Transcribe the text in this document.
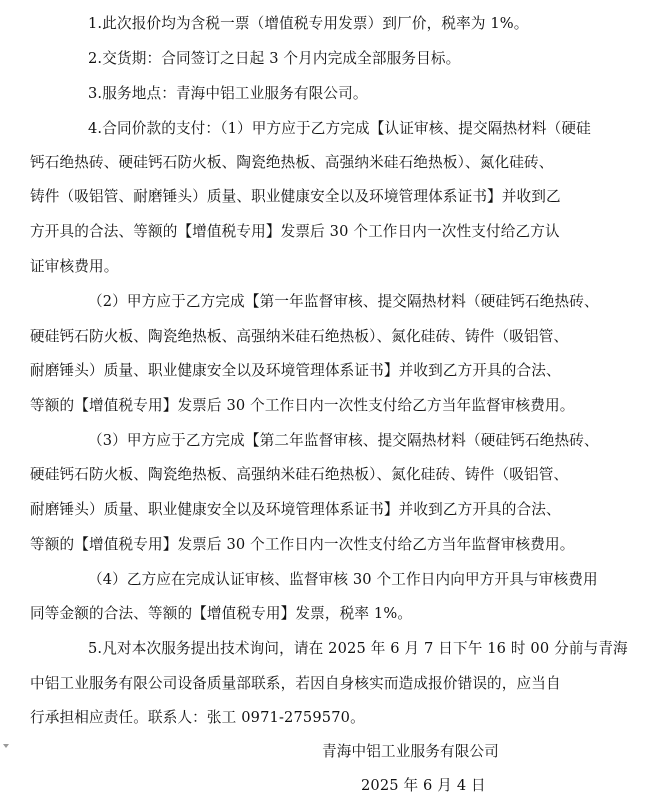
1.此次报价均为含税一票（增值税专用发票）到厂价，税率为 1%。
2.交货期：合同签订之日起 3 个月内完成全部服务目标。
3.服务地点：青海中铝工业服务有限公司。
4.合同价款的支付：（1）甲方应于乙方完成【认证审核、提交隔热材料（硬硅
钙石绝热砖、硬硅钙石防火板、陶瓷绝热板、高强纳米硅石绝热板）、氮化硅砖、
铸件（吸铝管、耐磨锤头）质量、职业健康安全以及环境管理体系证书】并收到乙
方开具的合法、等额的【增值税专用】发票后 30 个工作日内一次性支付给乙方认
证审核费用。
（2）甲方应于乙方完成【第一年监督审核、提交隔热材料（硬硅钙石绝热砖、
硬硅钙石防火板、陶瓷绝热板、高强纳米硅石绝热板）、氮化硅砖、铸件（吸铝管、
耐磨锤头）质量、职业健康安全以及环境管理体系证书】并收到乙方开具的合法、
等额的【增值税专用】发票后 30 个工作日内一次性支付给乙方当年监督审核费用。
（3）甲方应于乙方完成【第二年监督审核、提交隔热材料（硬硅钙石绝热砖、
硬硅钙石防火板、陶瓷绝热板、高强纳米硅石绝热板）、氮化硅砖、铸件（吸铝管、
耐磨锤头）质量、职业健康安全以及环境管理体系证书】并收到乙方开具的合法、
等额的【增值税专用】发票后 30 个工作日内一次性支付给乙方当年监督审核费用。
（4）乙方应在完成认证审核、监督审核 30 个工作日内向甲方开具与审核费用
同等金额的合法、等额的【增值税专用】发票，税率 1%。
5.凡对本次服务提出技术询问，请在 2025 年 6 月 7 日下午 16 时 00 分前与青海
中铝工业服务有限公司设备质量部联系，若因自身核实而造成报价错误的，应当自
行承担相应责任。联系人：张工 0971-2759570。
青海中铝工业服务有限公司
2025 年 6 月 4 日
